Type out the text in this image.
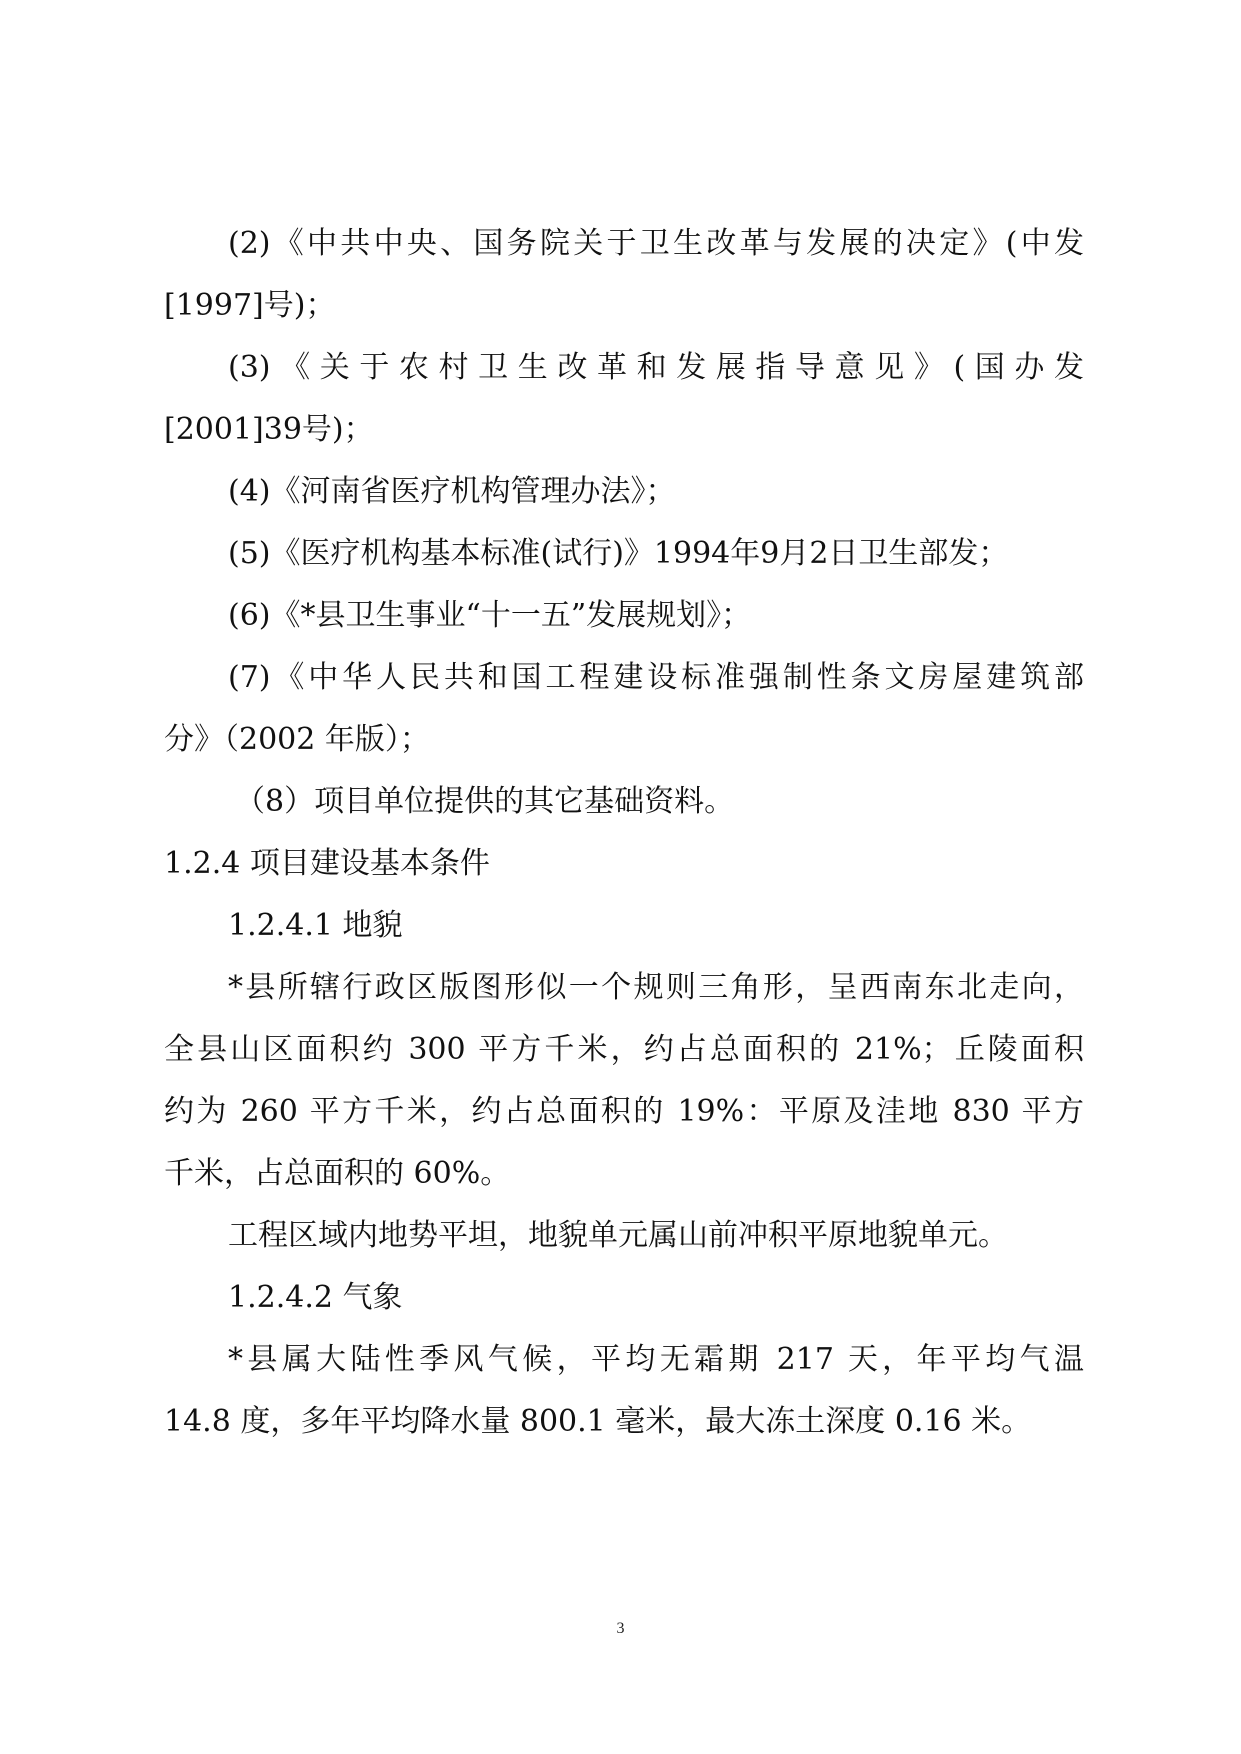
(2)《中共中央、国务院关于卫生改革与发展的决定》(中发
[1997]号)；
(3)《关于农村卫生改革和发展指导意见》(国办发
[2001]39号)；
(4)《河南省医疗机构管理办法》；
(5)《医疗机构基本标准(试行)》1994年9月2日卫生部发；
(6)《*县卫生事业“十一五”发展规划》；
(7)《中华人民共和国工程建设标准强制性条文房屋建筑部
分》（2002 年版）；
（8）项目单位提供的其它基础资料。
1.2.4 项目建设基本条件
1.2.4.1 地貌
*县所辖行政区版图形似一个规则三角形，呈西南东北走向，
全县山区面积约 300 平方千米，约占总面积的 21%；丘陵面积
约为 260 平方千米，约占总面积的 19%：平原及洼地 830 平方
千米，占总面积的 60%。
工程区域内地势平坦，地貌单元属山前冲积平原地貌单元。
1.2.4.2 气象
*县属大陆性季风气候，平均无霜期 217 天，年平均气温
14.8 度，多年平均降水量 800.1 毫米，最大冻土深度 0.16 米。
3
